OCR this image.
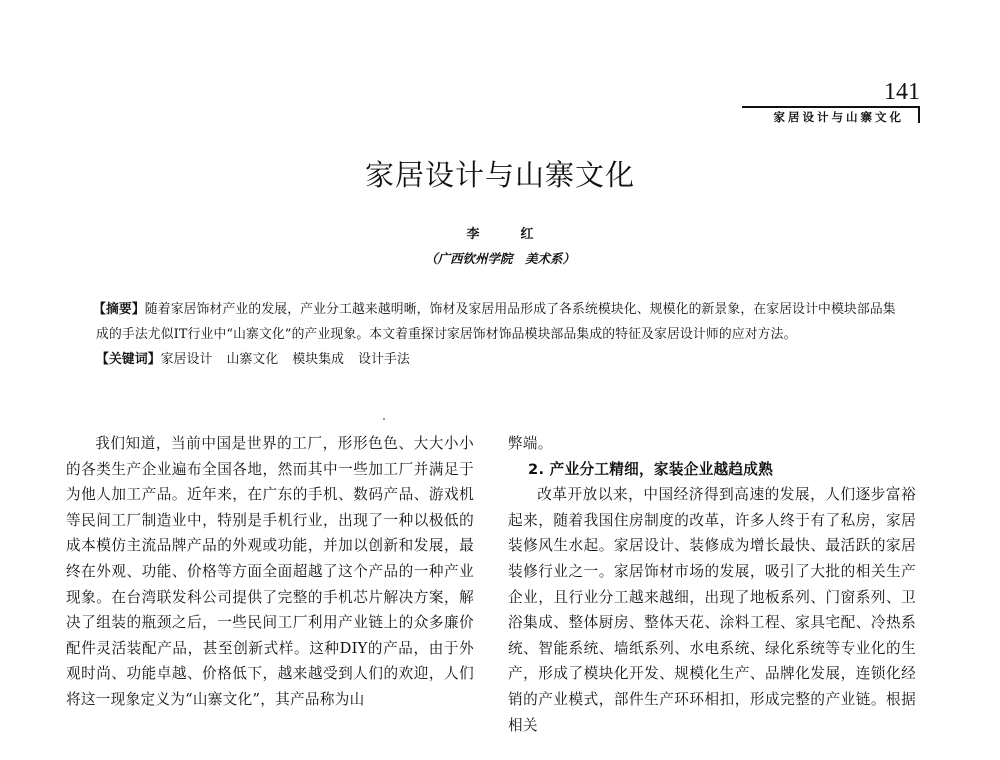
141
家居设计与山寨文化
家居设计与山寨文化
李　红
（广西钦州学院　美术系）

【摘要】随着家居饰材产业的发展，产业分工越来越明晰，饰材及家居用品形成了各系统模块化、规模化的新景象，在家居设计中模块部品集成的手法尤似IT行业中“山寨文化”的产业现象。本文着重探讨家居饰材饰品模块部品集成的特征及家居设计师的应对方法。

【关键词】家居设计 山寨文化 模块集成 设计手法

我们知道，当前中国是世界的工厂，形形色色、大大小小的各类生产企业遍布全国各地，然而其中一些加工厂并满足于为他人加工产品。近年来，在广东的手机、数码产品、游戏机等民间工厂制造业中，特别是手机行业，出现了一种以极低的成本模仿主流品牌产品的外观或功能，并加以创新和发展，最终在外观、功能、价格等方面全面超越了这个产品的一种产业现象。在台湾联发科公司提供了完整的手机芯片解决方案，解决了组装的瓶颈之后，一些民间工厂利用产业链上的众多廉价配件灵活装配产品，甚至创新式样。这种DIY的产品，由于外观时尚、功能卓越、价格低下，越来越受到人们的欢迎，人们将这一现象定义为“山寨文化”，其产品称为山

弊端。

2. 产业分工精细，家装企业越趋成熟

改革开放以来，中国经济得到高速的发展，人们逐步富裕起来，随着我国住房制度的改革，许多人终于有了私房，家居装修风生水起。家居设计、装修成为增长最快、最活跃的家居装修行业之一。家居饰材市场的发展，吸引了大批的相关生产企业，且行业分工越来越细，出现了地板系列、门窗系列、卫浴集成、整体厨房、整体天花、涂料工程、家具宅配、冷热系统、智能系统、墙纸系列、水电系统、绿化系统等专业化的生产，形成了模块化开发、规模化生产、品牌化发展，连锁化经销的产业模式，部件生产环环相扣，形成完整的产业链。根据相关
